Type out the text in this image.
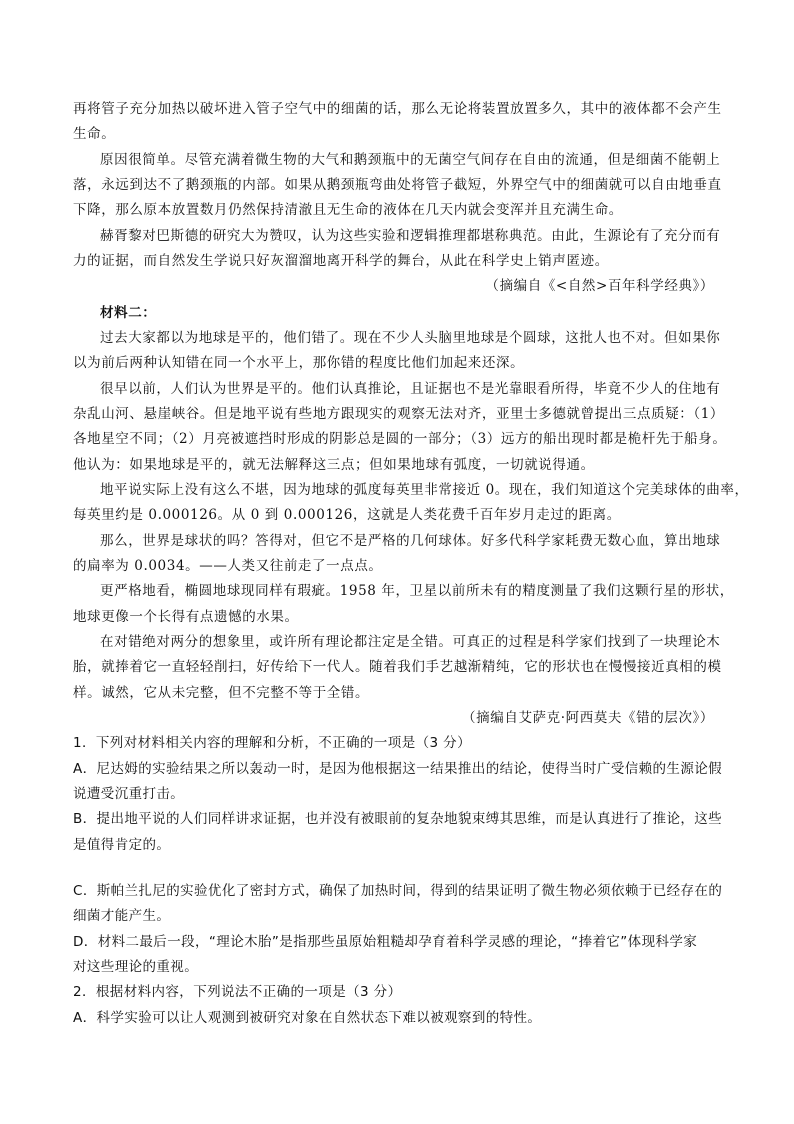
再将管子充分加热以破坏进入管子空气中的细菌的话，那么无论将装置放置多久，其中的液体都不会产生
生命。
原因很简单。尽管充满着微生物的大气和鹅颈瓶中的无菌空气间存在自由的流通，但是细菌不能朝上
落，永远到达不了鹅颈瓶的内部。如果从鹅颈瓶弯曲处将管子截短，外界空气中的细菌就可以自由地垂直
下降，那么原本放置数月仍然保持清澈且无生命的液体在几天内就会变浑并且充满生命。
赫胥黎对巴斯德的研究大为赞叹，认为这些实验和逻辑推理都堪称典范。由此，生源论有了充分而有
力的证据，而自然发生学说只好灰溜溜地离开科学的舞台，从此在科学史上销声匿迹。
（摘编自《<自然>百年科学经典》）
材料二：
过去大家都以为地球是平的，他们错了。现在不少人头脑里地球是个圆球，这批人也不对。但如果你
以为前后两种认知错在同一个水平上，那你错的程度比他们加起来还深。
很早以前，人们认为世界是平的。他们认真推论，且证据也不是光靠眼看所得，毕竟不少人的住地有
杂乱山河、悬崖峡谷。但是地平说有些地方跟现实的观察无法对齐，亚里士多德就曾提出三点质疑：（1）
各地星空不同；（2）月亮被遮挡时形成的阴影总是圆的一部分；（3）远方的船出现时都是桅杆先于船身。
他认为：如果地球是平的，就无法解释这三点；但如果地球有弧度，一切就说得通。
地平说实际上没有这么不堪，因为地球的弧度每英里非常接近 0。现在，我们知道这个完美球体的曲率，
每英里约是 0.000126。从 0 到 0.000126，这就是人类花费千百年岁月走过的距离。
那么，世界是球状的吗？答得对，但它不是严格的几何球体。好多代科学家耗费无数心血，算出地球
的扁率为 0.0034。——人类又往前走了一点点。
更严格地看，椭圆地球现同样有瑕疵。1958 年，卫星以前所未有的精度测量了我们这颗行星的形状，
地球更像一个长得有点遗憾的水果。
在对错绝对两分的想象里，或许所有理论都注定是全错。可真正的过程是科学家们找到了一块理论木
胎，就捧着它一直轻轻削扫，好传给下一代人。随着我们手艺越渐精纯，它的形状也在慢慢接近真相的模
样。诚然，它从未完整，但不完整不等于全错。
（摘编自艾萨克·阿西莫夫《错的层次》）
1．下列对材料相关内容的理解和分析，不正确的一项是（3 分）
A．尼达姆的实验结果之所以轰动一时，是因为他根据这一结果推出的结论，使得当时广受信赖的生源论假
说遭受沉重打击。
B．提出地平说的人们同样讲求证据，也并没有被眼前的复杂地貌束缚其思维，而是认真进行了推论，这些
是值得肯定的。
C．斯帕兰扎尼的实验优化了密封方式，确保了加热时间，得到的结果证明了微生物必须依赖于已经存在的
细菌才能产生。
D．材料二最后一段，“理论木胎”是指那些虽原始粗糙却孕育着科学灵感的理论，“捧着它”体现科学家
对这些理论的重视。
2．根据材料内容，下列说法不正确的一项是（3 分）
A．科学实验可以让人观测到被研究对象在自然状态下难以被观察到的特性。
